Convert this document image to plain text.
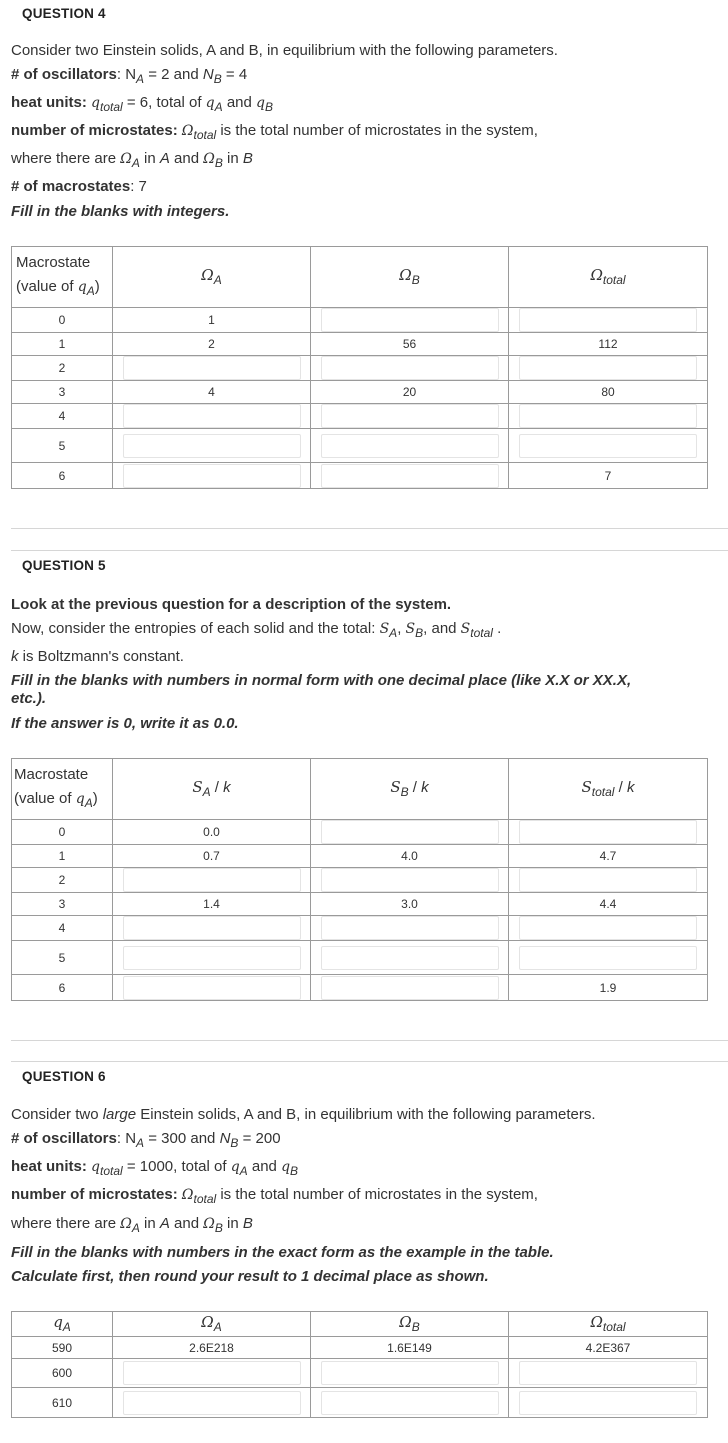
QUESTION 4
Consider two Einstein solids, A and B, in equilibrium with the following parameters.
# of oscillators: $N_A = 2$ and $N_B = 4$
heat units: $q_{total} = 6$, total of $q_A$ and $q_B$
number of microstates: $\Omega_{total}$ is the total number of microstates in the system,
where there are $\Omega_A$ in A and $\Omega_B$ in B
# of macrostates: 7
Fill in the blanks with integers.
Macrostate
(value of $q_A$)	$\Omega_A$	$\Omega_B$	$\Omega_{total}$
0	1	

1	2	56	112
2	

3	4	20	80
4	

5	

6			7
QUESTION 5
Look at the previous question for a description of the system.
Now, consider the entropies of each solid and the total: $S_A$, $S_B$, and $S_{total}$ .
k is Boltzmann's constant.
Fill in the blanks with numbers in normal form with one decimal place (like X.X or XX.X,
etc.).
If the answer is 0, write it as 0.0.
Macrostate
(value of $q_A$)	$S_A$ / k	$S_B$ / k	$S_{total}$ / k
0	0.0	

1	0.7	4.0	4.7
2	

3	1.4	3.0	4.4
4	

5	

6			1.9
QUESTION 6
Consider two large Einstein solids, A and B, in equilibrium with the following parameters.
# of oscillators: $N_A = 300$ and $N_B = 200$
heat units: $q_{total} = 1000$, total of $q_A$ and $q_B$
number of microstates: $\Omega_{total}$ is the total number of microstates in the system,
where there are $\Omega_A$ in A and $\Omega_B$ in B
Fill in the blanks with numbers in the exact form as the example in the table.
Calculate first, then round your result to 1 decimal place as shown.
$q_A$	$\Omega_A$	$\Omega_B$	$\Omega_{total}$
590	2.6E218	1.6E149	4.2E367
600	

610	
